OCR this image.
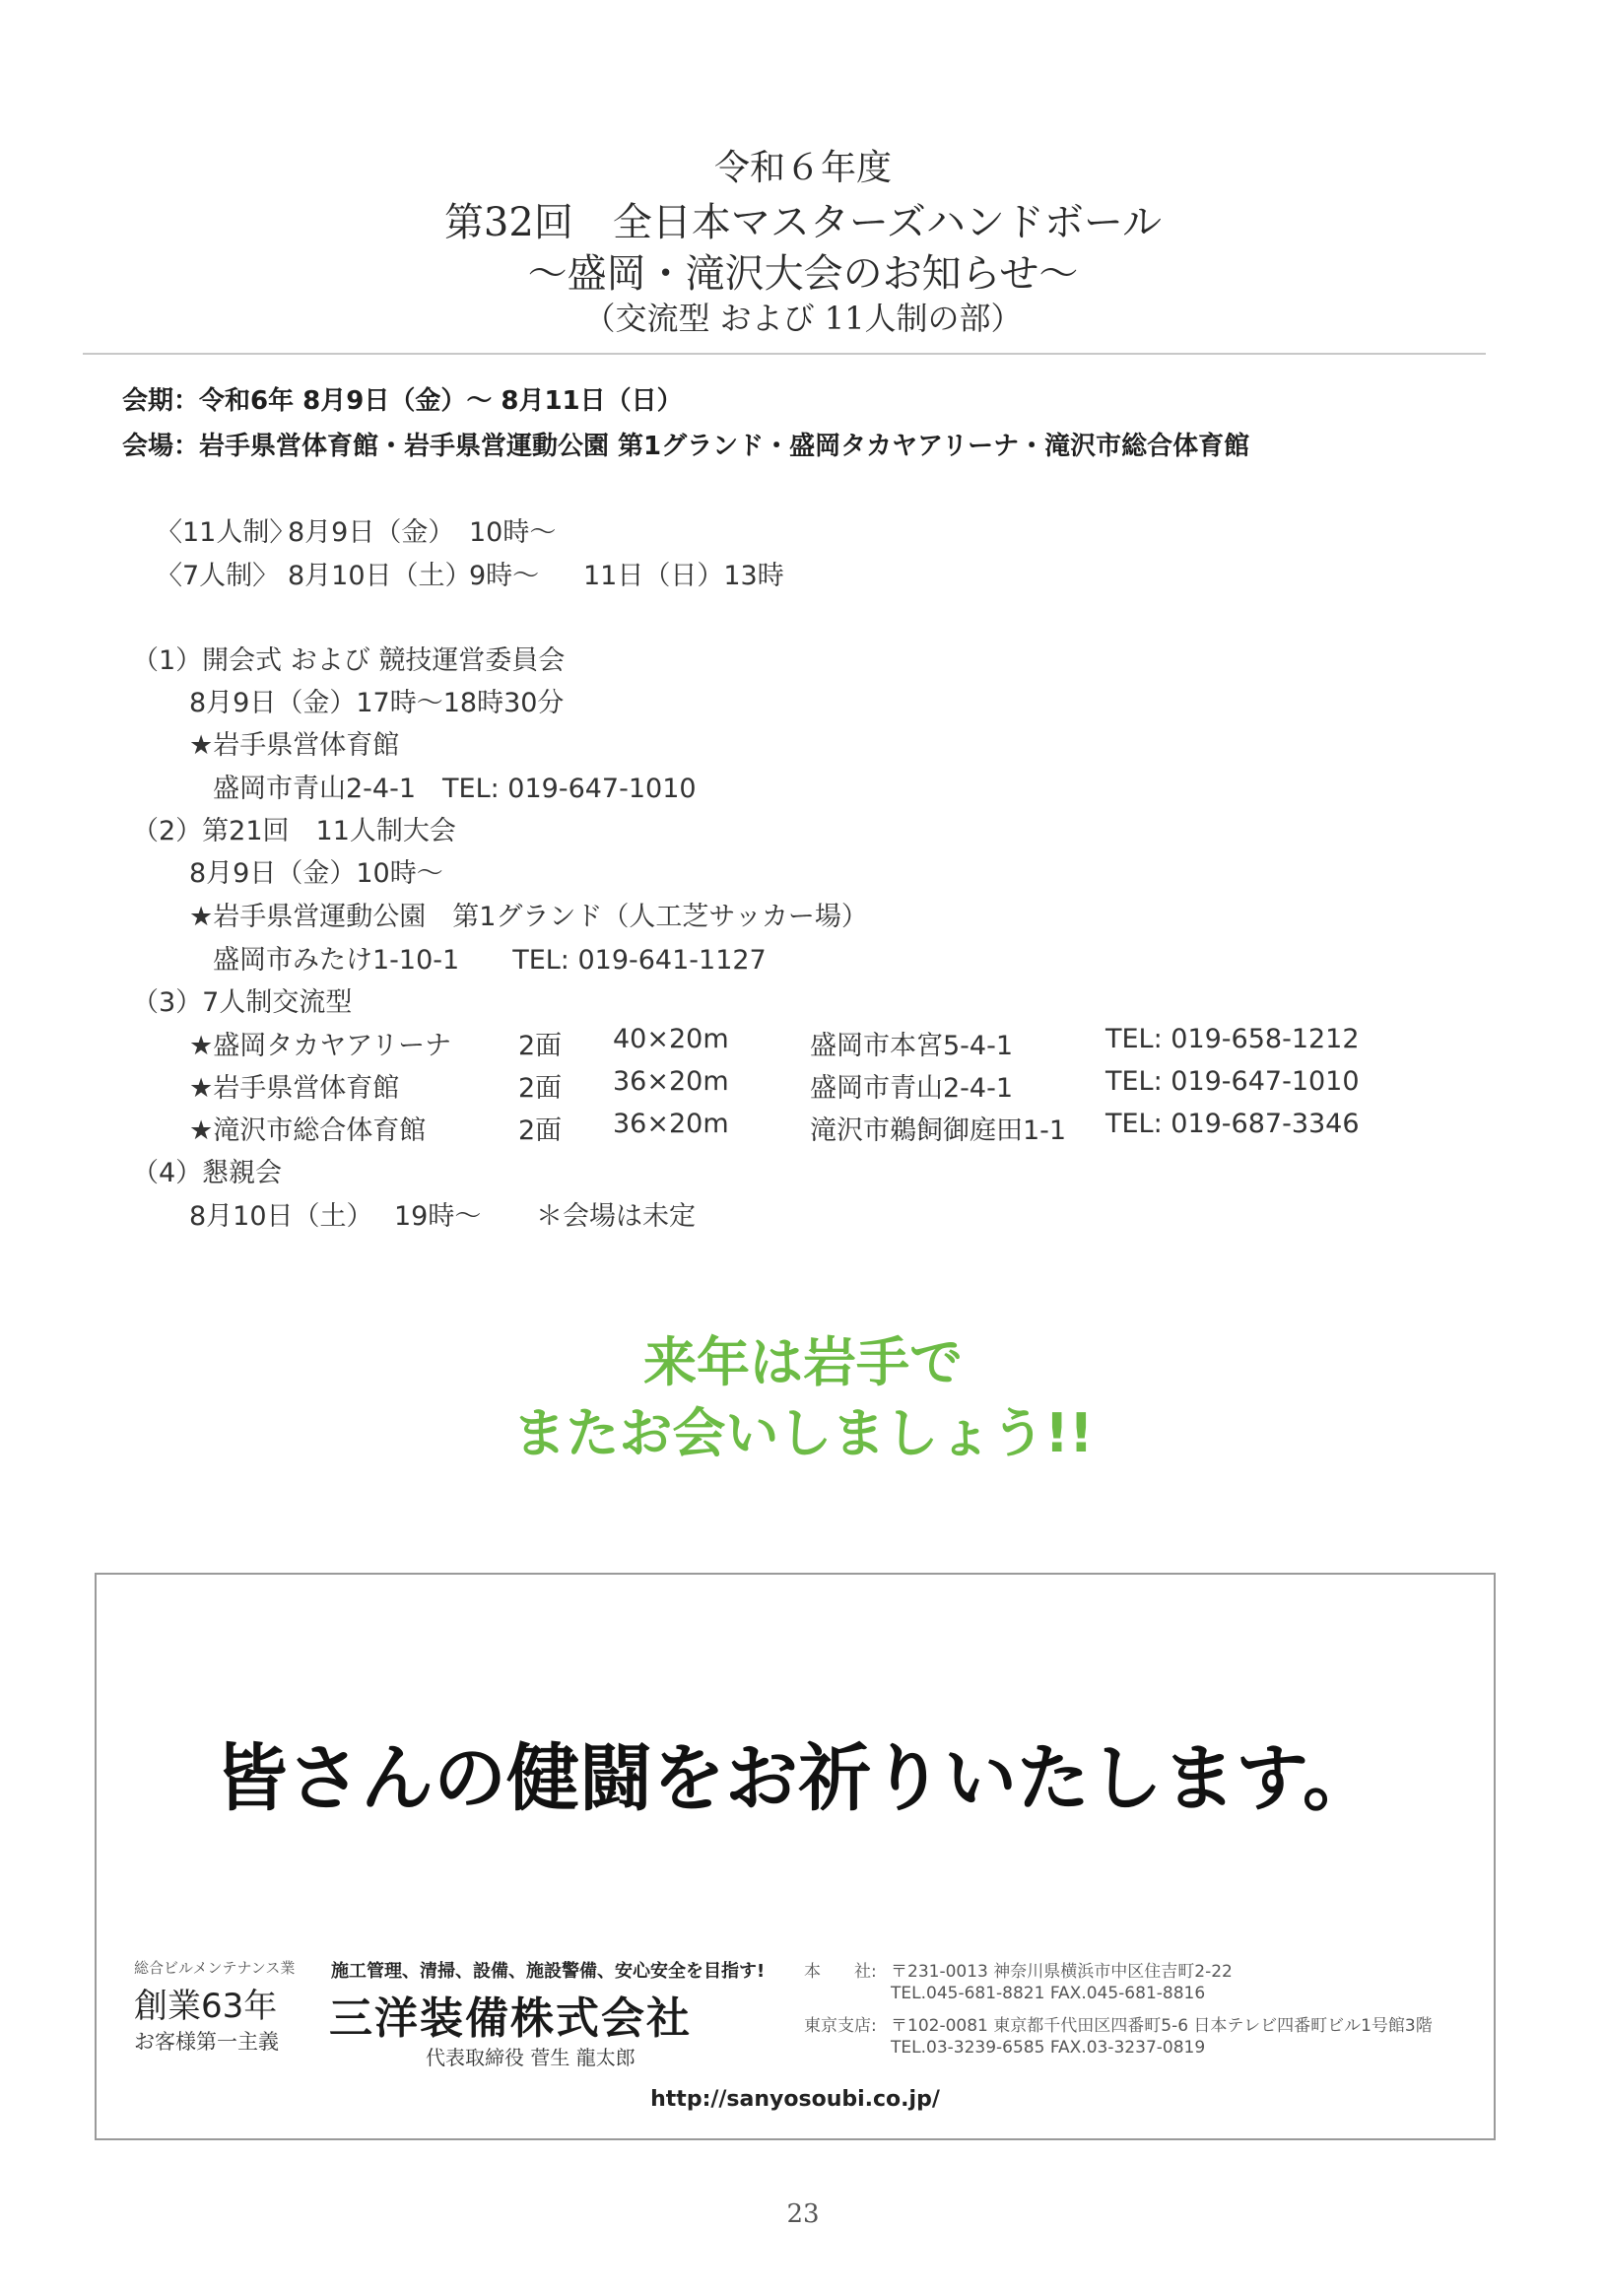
令和６年度
第32回　全日本マスターズハンドボール
〜盛岡・滝沢大会のお知らせ〜
（交流型 および 11人制の部）
会期：令和6年 8月9日（金）〜 8月11日（日）
会場：岩手県営体育館・岩手県営運動公園 第1グランド・盛岡タカヤアリーナ・滝沢市総合体育館
〈11人制〉
8月9日（金） 10時〜
〈7人制〉 8月10日（土）
9時〜 11日（日）13時
（1）開会式 および 競技運営委員会
8月9日（金）17時〜18時30分
★岩手県営体育館
盛岡市青山2-4-1　TEL: 019-647-1010
（2）第21回　11人制大会
8月9日（金）10時〜
★岩手県営運動公園　第1グランド（人工芝サッカー場）
盛岡市みたけ1-10-1　　TEL: 019-641-1127
（3）7人制交流型
★盛岡タカヤアリーナ	2面 40×20m	盛岡市本宮5-4-1	TEL: 019-658-1212
★岩手県営体育館	2面 36×20m	盛岡市青山2-4-1	TEL: 019-647-1010
★滝沢市総合体育館	2面 36×20m	滝沢市鵜飼御庭田1-1 TEL: 019-687-3346
（4）懇親会
8月10日（土） 19時〜 ＊会場は未定
来年は岩手で
またお会いしましょう!!
皆さんの健闘をお祈りいたします。
総合ビルメンテナンス業
創業63年
お客様第一主義
施工管理、清掃、設備、施設警備、安心安全を目指す!
三洋装備株式会社
代表取締役 菅生 龍太郎
本　　社: 〒231-0013 神奈川県横浜市中区住吉町2-22
TEL.045-681-8821 FAX.045-681-8816
東京支店: 〒102-0081 東京都千代田区四番町5-6 日本テレビ四番町ビル1号館3階
TEL.03-3239-6585 FAX.03-3237-0819
http://sanyosoubi.co.jp/
23
